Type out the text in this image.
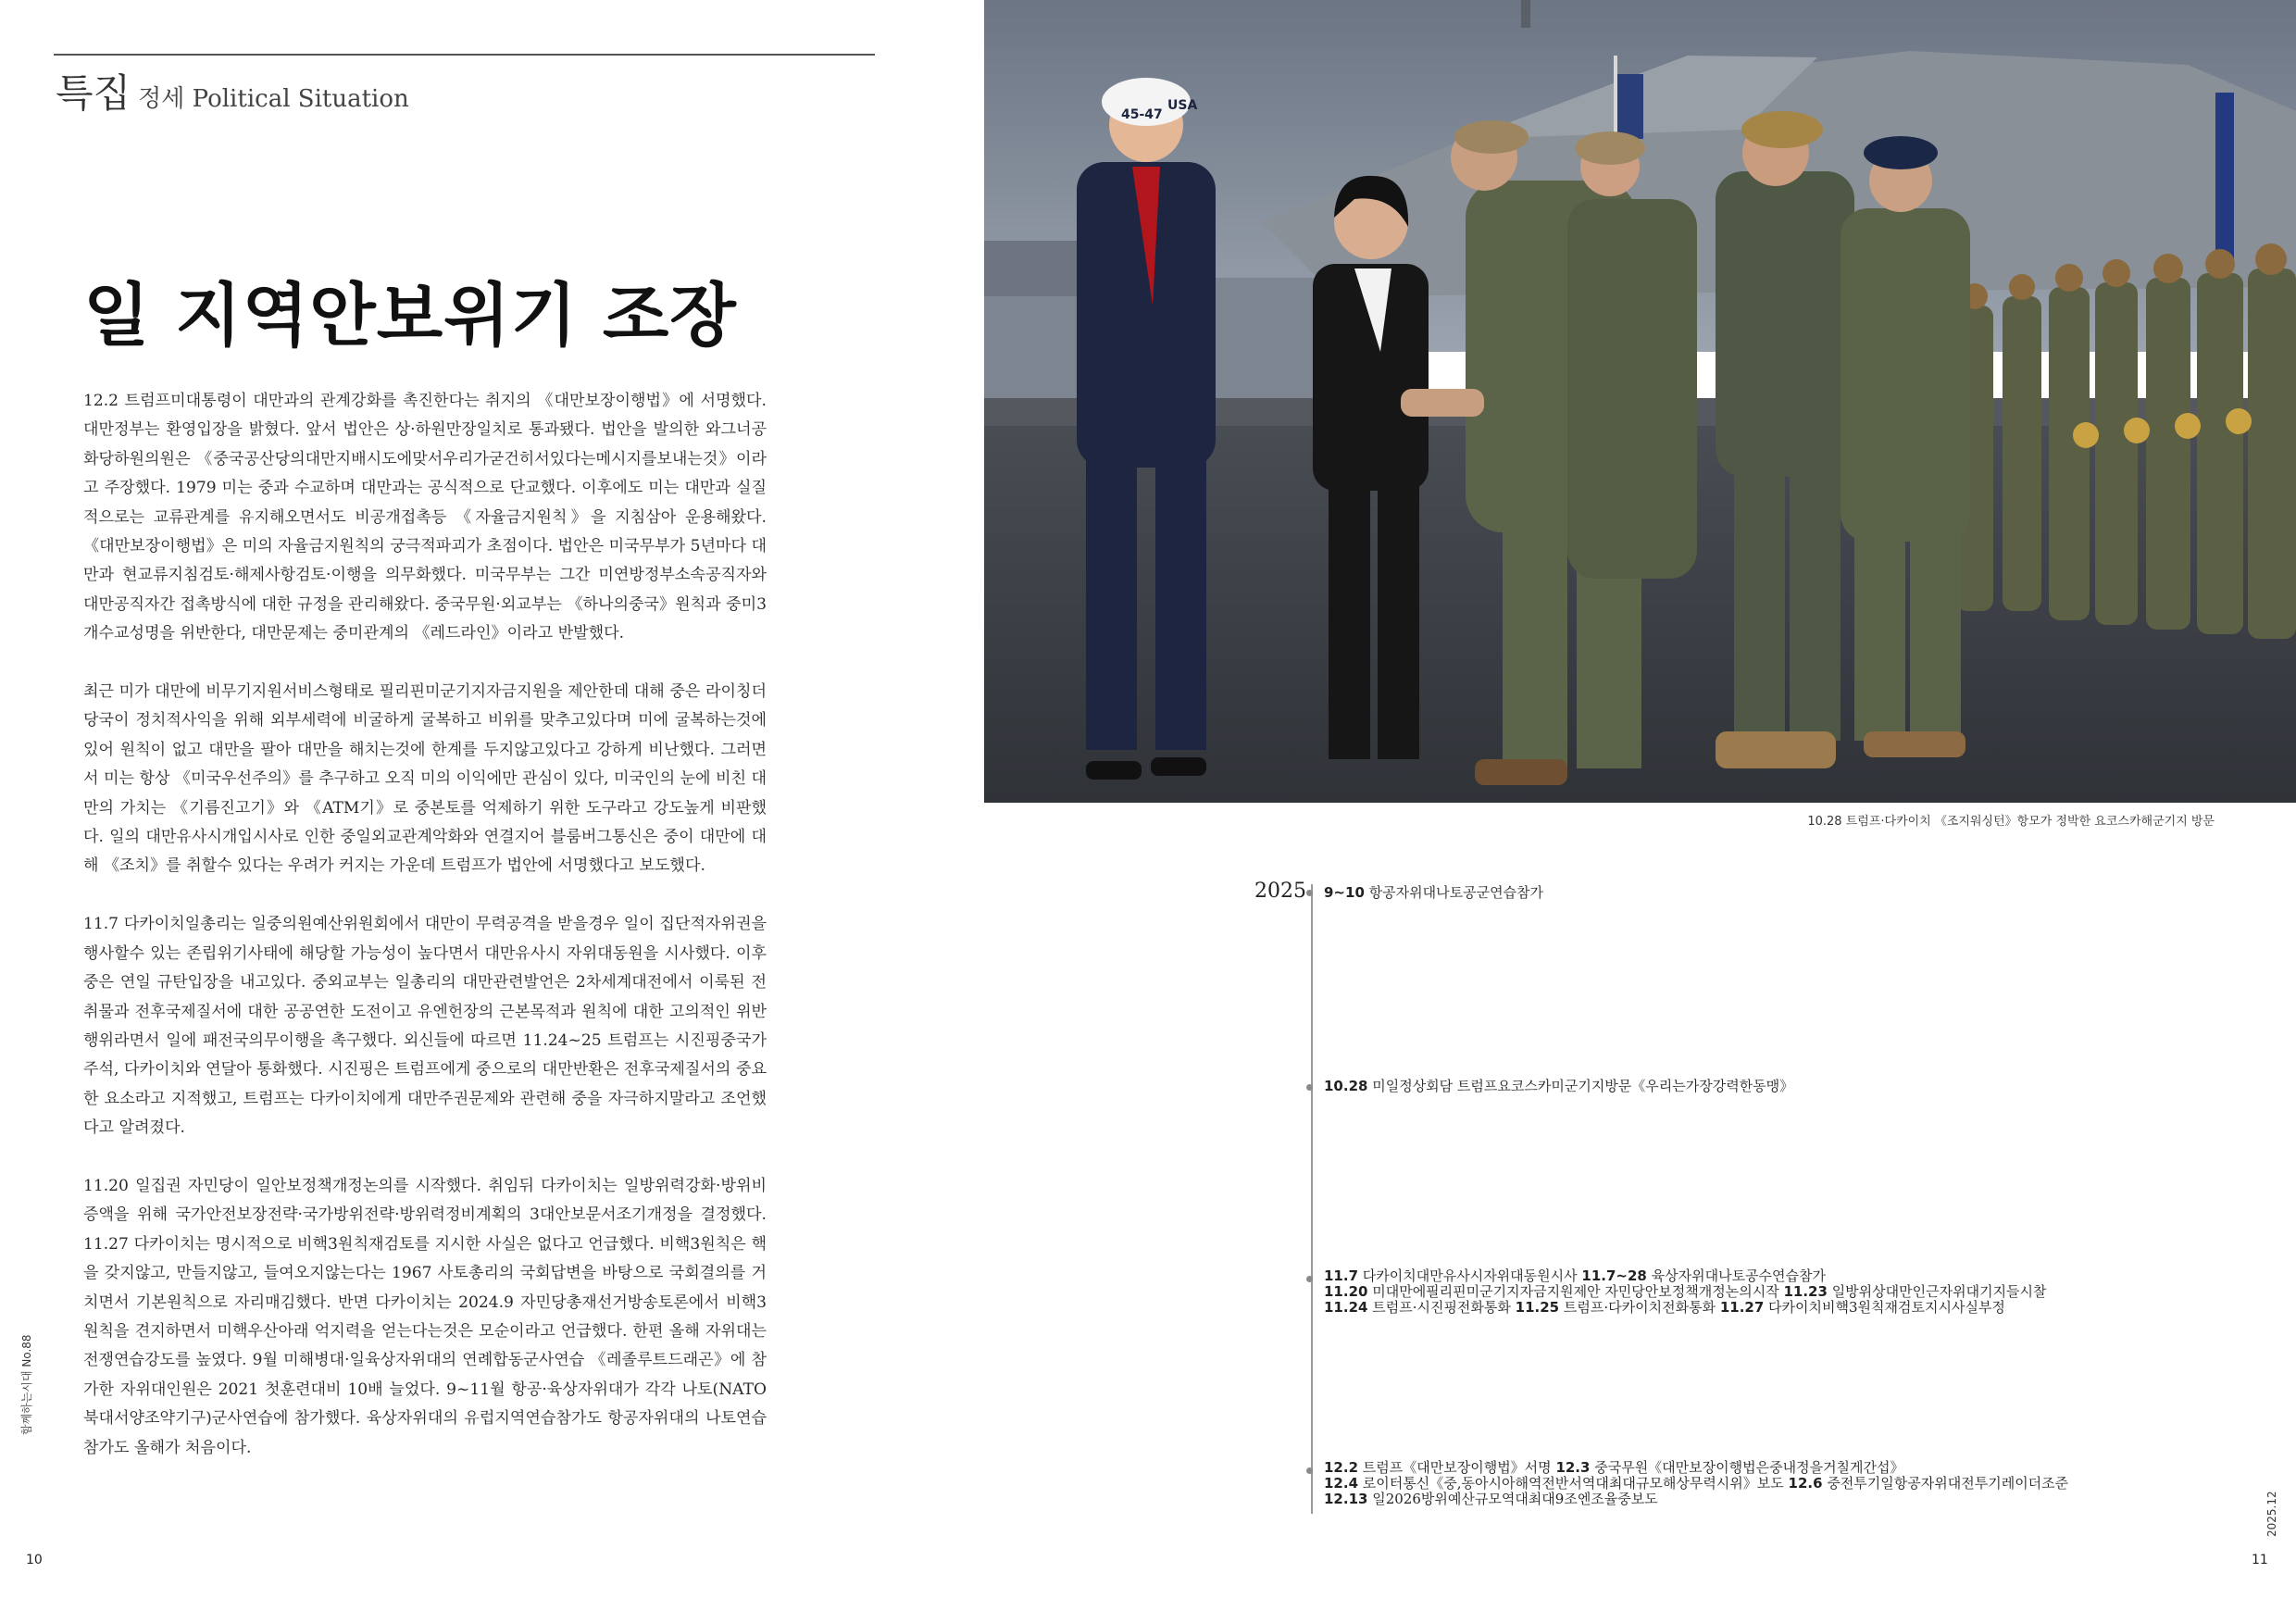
특집 정세 Political Situation
일 지역안보위기 조장

12.2 트럼프미대통령이 대만과의 관계강화를 촉진한다는 취지의 《대만보장이행법》에 서명했다. 대만정부는 환영입장을 밝혔다. 앞서 법안은 상·하원만장일치로 통과됐다. 법안을 발의한 와그너공화당하원의원은 《중국공산당의대만지배시도에맞서우리가굳건히서있다는메시지를보내는것》이라고 주장했다. 1979 미는 중과 수교하며 대만과는 공식적으로 단교했다. 이후에도 미는 대만과 실질적으로는 교류관계를 유지해오면서도 비공개접촉등 《자율금지원칙》을 지침삼아 운용해왔다. 《대만보장이행법》은 미의 자율금지원칙의 궁극적파괴가 초점이다. 법안은 미국무부가 5년마다 대만과 현교류지침검토·해제사항검토·이행을 의무화했다. 미국무부는 그간 미연방정부소속공직자와 대만공직자간 접촉방식에 대한 규정을 관리해왔다. 중국무원·외교부는 《하나의중국》원칙과 중미3개수교성명을 위반한다, 대만문제는 중미관계의 《레드라인》이라고 반발했다.

최근 미가 대만에 비무기지원서비스형태로 필리핀미군기지자금지원을 제안한데 대해 중은 라이칭더당국이 정치적사익을 위해 외부세력에 비굴하게 굴복하고 비위를 맞추고있다며 미에 굴복하는것에 있어 원칙이 없고 대만을 팔아 대만을 해치는것에 한계를 두지않고있다고 강하게 비난했다. 그러면서 미는 항상 《미국우선주의》를 추구하고 오직 미의 이익에만 관심이 있다, 미국인의 눈에 비친 대만의 가치는 《기름진고기》와 《ATM기》로 중본토를 억제하기 위한 도구라고 강도높게 비판했다. 일의 대만유사시개입시사로 인한 중일외교관계악화와 연결지어 블룸버그통신은 중이 대만에 대해 《조치》를 취할수 있다는 우려가 커지는 가운데 트럼프가 법안에 서명했다고 보도했다.

11.7 다카이치일총리는 일중의원예산위원회에서 대만이 무력공격을 받을경우 일이 집단적자위권을 행사할수 있는 존립위기사태에 해당할 가능성이 높다면서 대만유사시 자위대동원을 시사했다. 이후 중은 연일 규탄입장을 내고있다. 중외교부는 일총리의 대만관련발언은 2차세계대전에서 이룩된 전취물과 전후국제질서에 대한 공공연한 도전이고 유엔헌장의 근본목적과 원칙에 대한 고의적인 위반행위라면서 일에 패전국의무이행을 촉구했다. 외신들에 따르면 11.24~25 트럼프는 시진핑중국가주석, 다카이치와 연달아 통화했다. 시진핑은 트럼프에게 중으로의 대만반환은 전후국제질서의 중요한 요소라고 지적했고, 트럼프는 다카이치에게 대만주권문제와 관련해 중을 자극하지말라고 조언했다고 알려졌다.

11.20 일집권 자민당이 일안보정책개정논의를 시작했다. 취임뒤 다카이치는 일방위력강화·방위비증액을 위해 국가안전보장전략·국가방위전략·방위력정비계획의 3대안보문서조기개정을 결정했다. 11.27 다카이치는 명시적으로 비핵3원칙재검토를 지시한 사실은 없다고 언급했다. 비핵3원칙은 핵을 갖지않고, 만들지않고, 들여오지않는다는 1967 사토총리의 국회답변을 바탕으로 국회결의를 거치면서 기본원칙으로 자리매김했다. 반면 다카이치는 2024.9 자민당총재선거방송토론에서 비핵3원칙을 견지하면서 미핵우산아래 억지력을 얻는다는것은 모순이라고 언급했다. 한편 올해 자위대는 전쟁연습강도를 높였다. 9월 미해병대·일육상자위대의 연례합동군사연습 《레졸루트드래곤》에 참가한 자위대인원은 2021 첫훈련대비 10배 늘었다. 9~11월 항공·육상자위대가 각각 나토(NATO 북대서양조약기구)군사연습에 참가했다. 육상자위대의 유럽지역연습참가도 항공자위대의 나토연습참가도 올해가 처음이다.

함께하는시대 No.88
10
45-47
USA
10.28 트럼프·다카이치 《조지워싱턴》항모가 정박한 요코스카해군기지 방문
2025 9~10 항공자위대나토공군연습참가
10.28 미일정상회담 트럼프요코스카미군기지방문《우리는가장강력한동맹》
11.7 다카이치대만유사시자위대동원시사 11.7~28 육상자위대나토공수연습참가
11.20 미대만에필리핀미군기지자금지원제안 자민당안보정책개정논의시작 11.23 일방위상대만인근자위대기지들시찰
11.24 트럼프·시진핑전화통화 11.25 트럼프·다카이치전화통화 11.27 다카이치비핵3원칙재검토지시사실부정
12.2 트럼프《대만보장이행법》서명 12.3 중국무원《대만보장이행법은중내정을거칠게간섭》
12.4 로이터통신《중,동아시아해역전반서역대최대규모해상무력시위》보도 12.6 중전투기일항공자위대전투기레이더조준
12.13 일2026방위예산규모역대최대9조엔조율중보도	2025.12
11
